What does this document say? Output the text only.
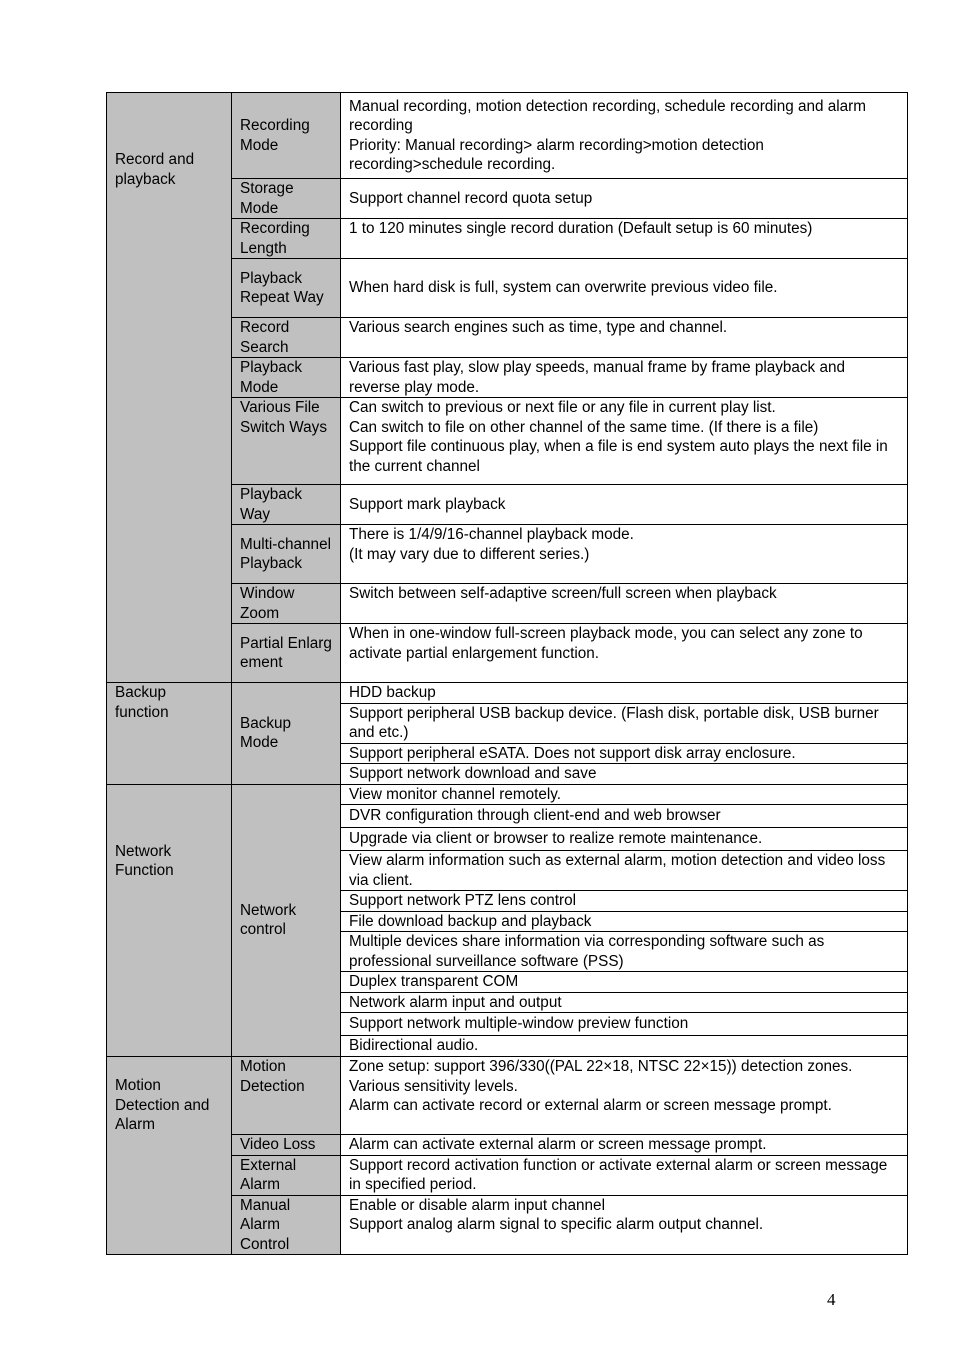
Record and playback	Recording Mode	Manual recording, motion detection recording, schedule recording and alarm recording
Priority: Manual recording> alarm recording>motion detection recording>schedule recording.

	Storage Mode	Support channel record quota setup
	Recording Length	1 to 120 minutes single record duration (Default setup is 60 minutes)
	Playback Repeat Way	When hard disk is full, system can overwrite previous video file.
	Record Search	Various search engines such as time, type and channel.
	Playback Mode	Various fast play, slow play speeds, manual frame by frame playback and reverse play mode.

	Various File Switch Ways	Can switch to previous or next file or any file in current play list.
Can switch to file on other channel of the same time. (If there is a file)
Support file continuous play, when a file is end system auto plays the next file in the current channel

	Playback Way	Support mark playback
	Multi-channel Playback	There is 1/4/9/16-channel playback mode.
(It may vary due to different series.)

	Window Zoom	Switch between self-adaptive screen/full screen when playback
	Partial Enlargement	When in one-window full-screen playback mode, you can select any zone to activate partial enlargement function.
Backup function	Backup Mode	HDD backup
		Support peripheral USB backup device. (Flash disk, portable disk, USB burner and etc.)
		Support peripheral eSATA. Does not support disk array enclosure.
		Support network download and save
Network Function	Network control	View monitor channel remotely.
		DVR configuration through client-end and web browser
		Upgrade via client or browser to realize remote maintenance.
		View alarm information such as external alarm, motion detection and video loss via client.
		Support network PTZ lens control
		File download backup and playback
		Multiple devices share information via corresponding software such as professional surveillance software (PSS)
		Duplex transparent COM
		Network alarm input and output
		Support network multiple-window preview function
		Bidirectional audio.
Motion Detection and Alarm	Motion Detection	Zone setup: support 396/330((PAL 22×18, NTSC 22×15)) detection zones.
Various sensitivity levels.
Alarm can activate record or external alarm or screen message prompt.

	Video Loss	Alarm can activate external alarm or screen message prompt.
	External Alarm	Support record activation function or activate external alarm or screen message in specified period.
	Manual Alarm Control	Enable or disable alarm input channel
Support analog alarm signal to specific alarm output channel.
4
